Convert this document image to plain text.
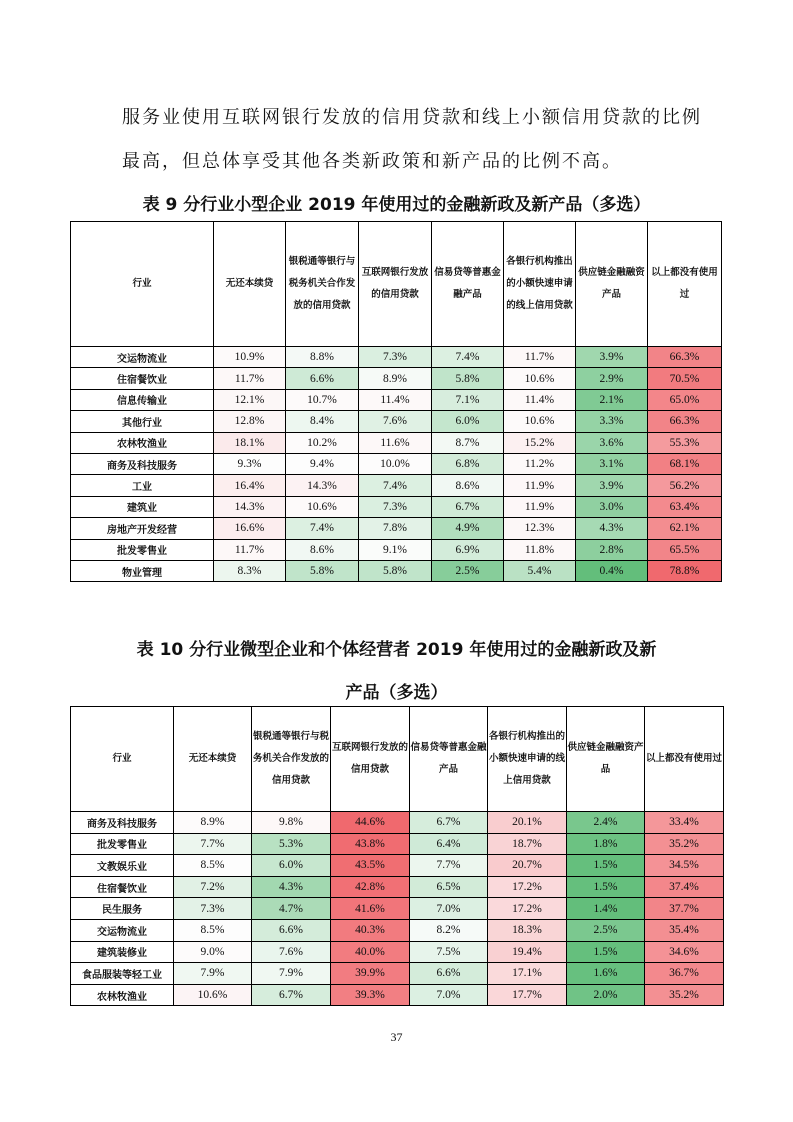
服务业使用互联网银行发放的信用贷款和线上小额信用贷款的比例
最高，但总体享受其他各类新政策和新产品的比例不高。
表 9 分行业小型企业 2019 年使用过的金融新政及新产品（多选）
行业	无还本续贷	银税通等银行与税务机关合作发放的信用贷款	互联网银行发放的信用贷款	信易贷等普惠金融产品	各银行机构推出的小额快速申请的线上信用贷款	供应链金融融资产品	以上都没有使用过
交运物流业	10.9%	8.8%	7.3%	7.4%	11.7%	3.9%	66.3%
住宿餐饮业	11.7%	6.6%	8.9%	5.8%	10.6%	2.9%	70.5%
信息传输业	12.1%	10.7%	11.4%	7.1%	11.4%	2.1%	65.0%
其他行业	12.8%	8.4%	7.6%	6.0%	10.6%	3.3%	66.3%
农林牧渔业	18.1%	10.2%	11.6%	8.7%	15.2%	3.6%	55.3%
商务及科技服务	9.3%	9.4%	10.0%	6.8%	11.2%	3.1%	68.1%
工业	16.4%	14.3%	7.4%	8.6%	11.9%	3.9%	56.2%
建筑业	14.3%	10.6%	7.3%	6.7%	11.9%	3.0%	63.4%
房地产开发经营	16.6%	7.4%	7.8%	4.9%	12.3%	4.3%	62.1%
批发零售业	11.7%	8.6%	9.1%	6.9%	11.8%	2.8%	65.5%
物业管理	8.3%	5.8%	5.8%	2.5%	5.4%	0.4%	78.8%
表 10 分行业微型企业和个体经营者 2019 年使用过的金融新政及新
产品（多选）
行业	无还本续贷	银税通等银行与税务机关合作发放的信用贷款	互联网银行发放的信用贷款	信易贷等普惠金融产品	各银行机构推出的小额快速申请的线上信用贷款	供应链金融融资产品	以上都没有使用过
商务及科技服务	8.9%	9.8%	44.6%	6.7%	20.1%	2.4%	33.4%
批发零售业	7.7%	5.3%	43.8%	6.4%	18.7%	1.8%	35.2%
文教娱乐业	8.5%	6.0%	43.5%	7.7%	20.7%	1.5%	34.5%
住宿餐饮业	7.2%	4.3%	42.8%	6.5%	17.2%	1.5%	37.4%
民生服务	7.3%	4.7%	41.6%	7.0%	17.2%	1.4%	37.7%
交运物流业	8.5%	6.6%	40.3%	8.2%	18.3%	2.5%	35.4%
建筑装修业	9.0%	7.6%	40.0%	7.5%	19.4%	1.5%	34.6%
食品服装等轻工业	7.9%	7.9%	39.9%	6.6%	17.1%	1.6%	36.7%
农林牧渔业	10.6%	6.7%	39.3%	7.0%	17.7%	2.0%	35.2%
37
